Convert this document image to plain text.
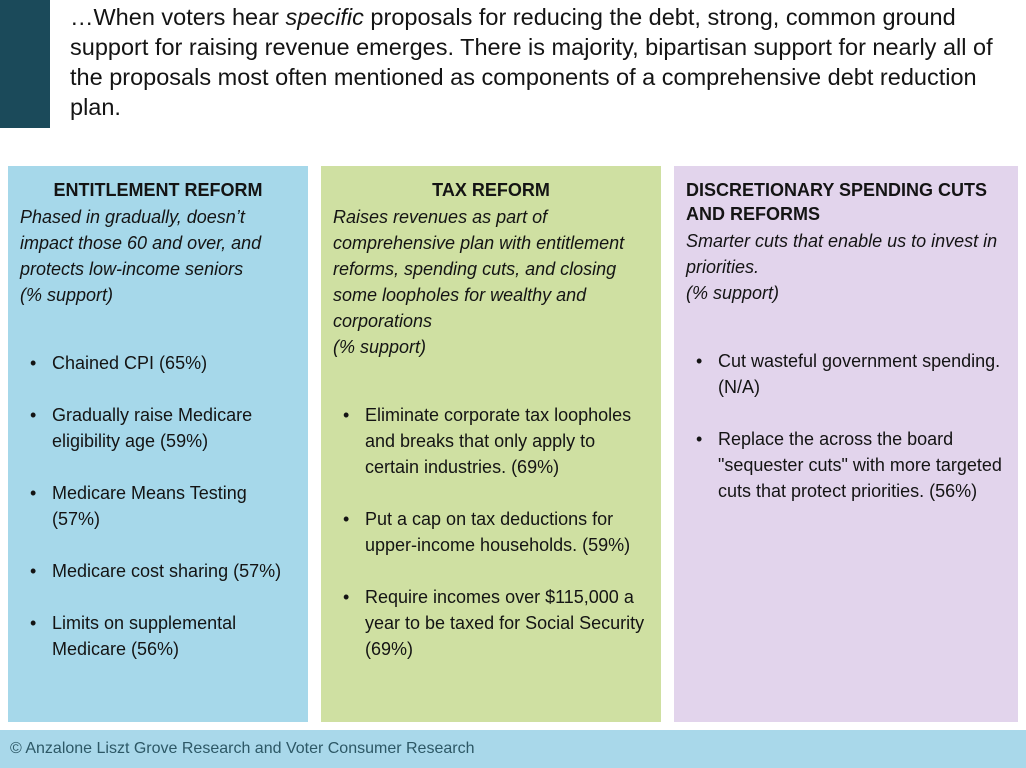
…When voters hear specific proposals for reducing the debt, strong, common ground support for raising revenue emerges. There is majority, bipartisan support for nearly all of the proposals most often mentioned as components of a comprehensive debt reduction plan.

ENTITLEMENT REFORM
Phased in gradually, doesn’t impact those 60 and over, and protects low-income seniors
(% support)
• Chained CPI (65%)
• Gradually raise Medicare eligibility age (59%)
• Medicare Means Testing (57%)
• Medicare cost sharing (57%)
• Limits on supplemental Medicare (56%)
TAX REFORM
Raises revenues as part of comprehensive plan with entitlement reforms, spending cuts, and closing some loopholes for wealthy and corporations
(% support)
• Eliminate corporate tax loopholes and breaks that only apply to certain industries. (69%)
• Put a cap on tax deductions for upper-income households. (59%)
• Require incomes over $115,000 a year to be taxed for Social Security (69%)
DISCRETIONARY SPENDING CUTS AND REFORMS
Smarter cuts that enable us to invest in priorities.
(% support)
• Cut wasteful government spending. (N/A)
• Replace the across the board "sequester cuts" with more targeted cuts that protect priorities. (56%)
© Anzalone Liszt Grove Research and Voter Consumer Research
